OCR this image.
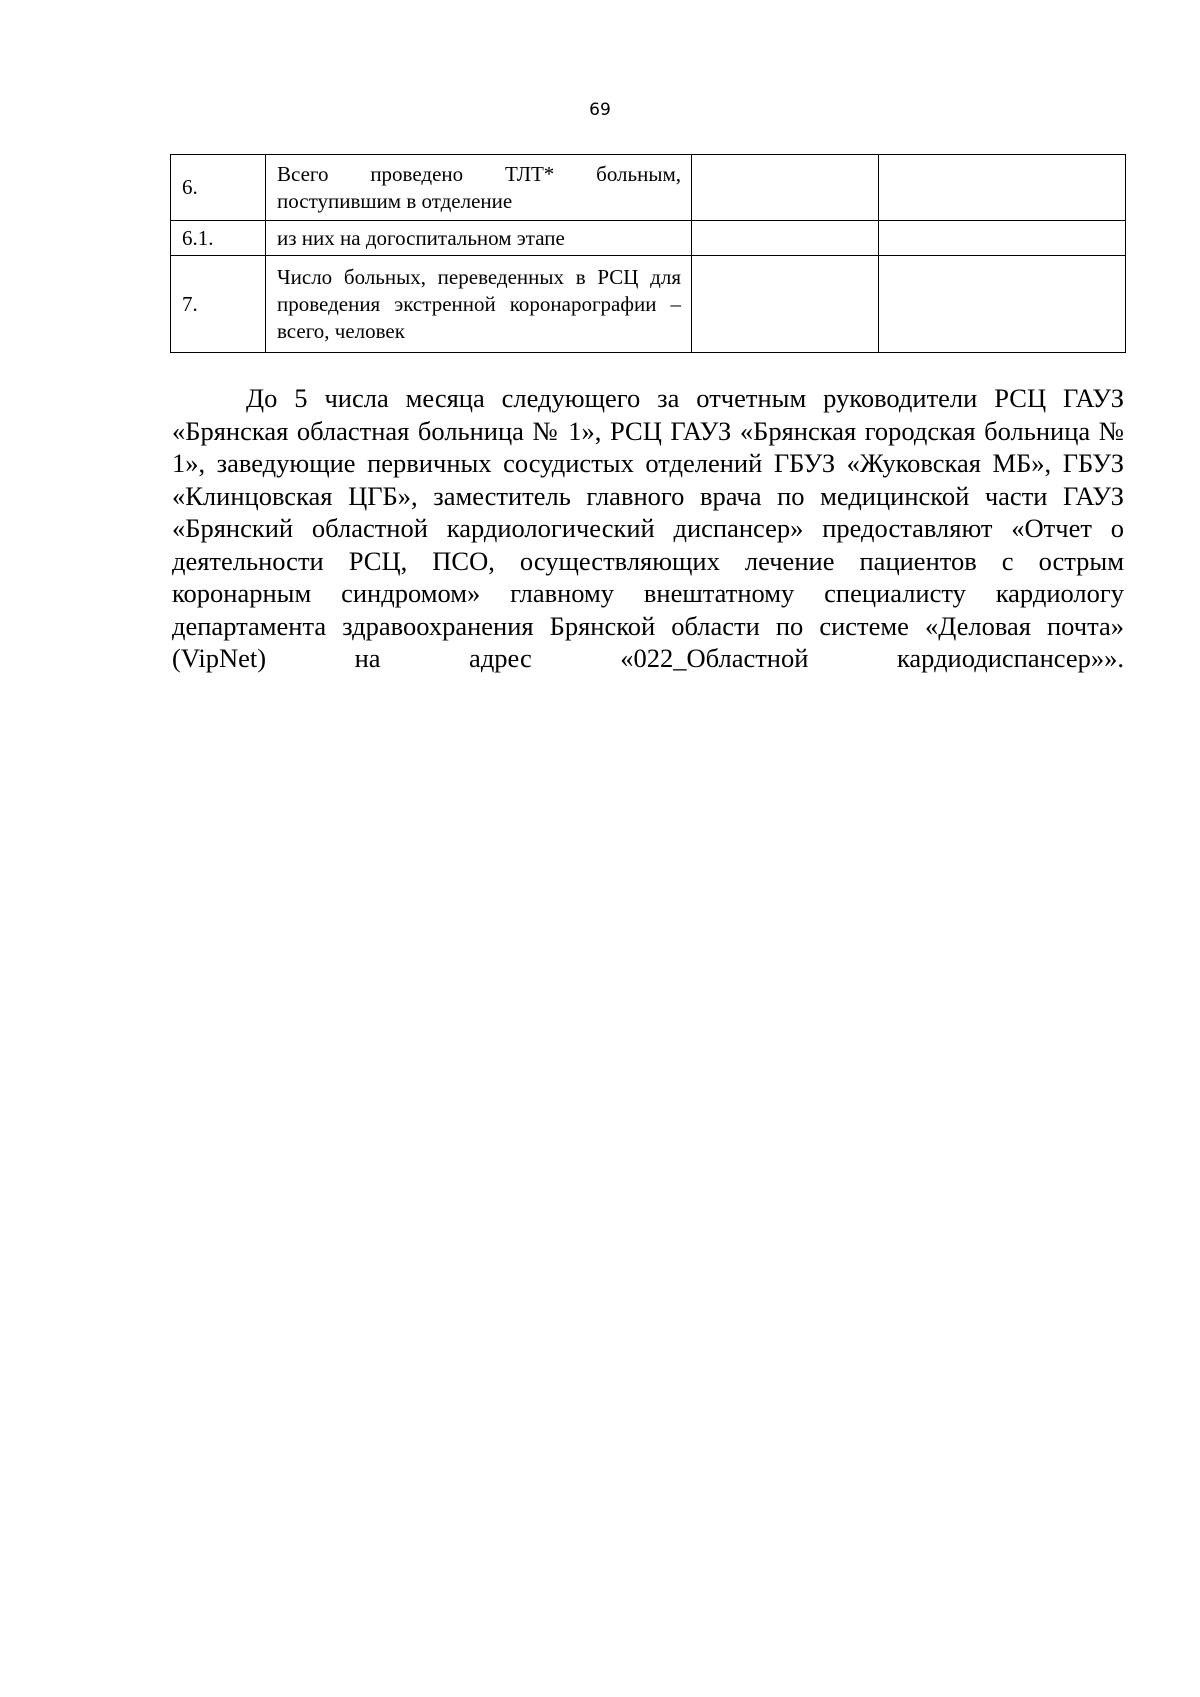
69
6.	Всего проведено ТЛТ* больным, поступившим в отделение		
6.1.	из них на догоспитальном этапе		
7.	Число больных, переведенных в РСЦ для проведения экстренной коронарографии – всего, человек		

До 5 числа месяца следующего за отчетным руководители РСЦ ГАУЗ «Брянская областная больница № 1», РСЦ ГАУЗ «Брянская городская больница № 1», заведующие первичных сосудистых отделений ГБУЗ «Жуковская МБ», ГБУЗ «Клинцовская ЦГБ», заместитель главного врача по медицинской части ГАУЗ «Брянский областной кардиологический диспансер» предоставляют «Отчет о деятельности РСЦ, ПСО, осуществляющих лечение пациентов с острым коронарным синдромом» главному внештатному специалисту кардиологу департамента здравоохранения Брянской области по системе «Деловая почта» (VipNet) на адрес «022_Областной кардиодиспансер»».
